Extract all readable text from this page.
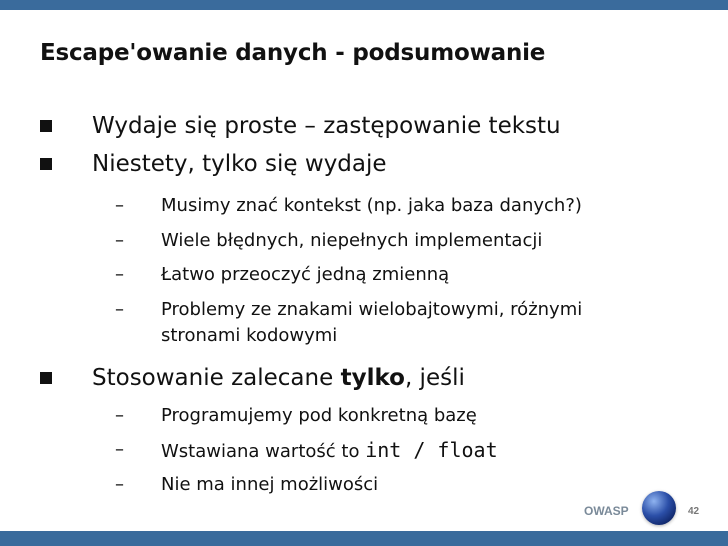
Escape'owanie danych - podsumowanie
Wydaje się proste – zastępowanie tekstu
Niestety, tylko się wydaje
– Musimy znać kontekst (np. jaka baza danych?)
– Wiele błędnych, niepełnych implementacji
– Łatwo przeoczyć jedną zmienną
– Problemy ze znakami wielobajtowymi, różnymi
stronami kodowymi
Stosowanie zalecane tylko, jeśli
– Programujemy pod konkretną bazę
– Wstawiana wartość to int / float
– Nie ma innej możliwości
OWASP	42
